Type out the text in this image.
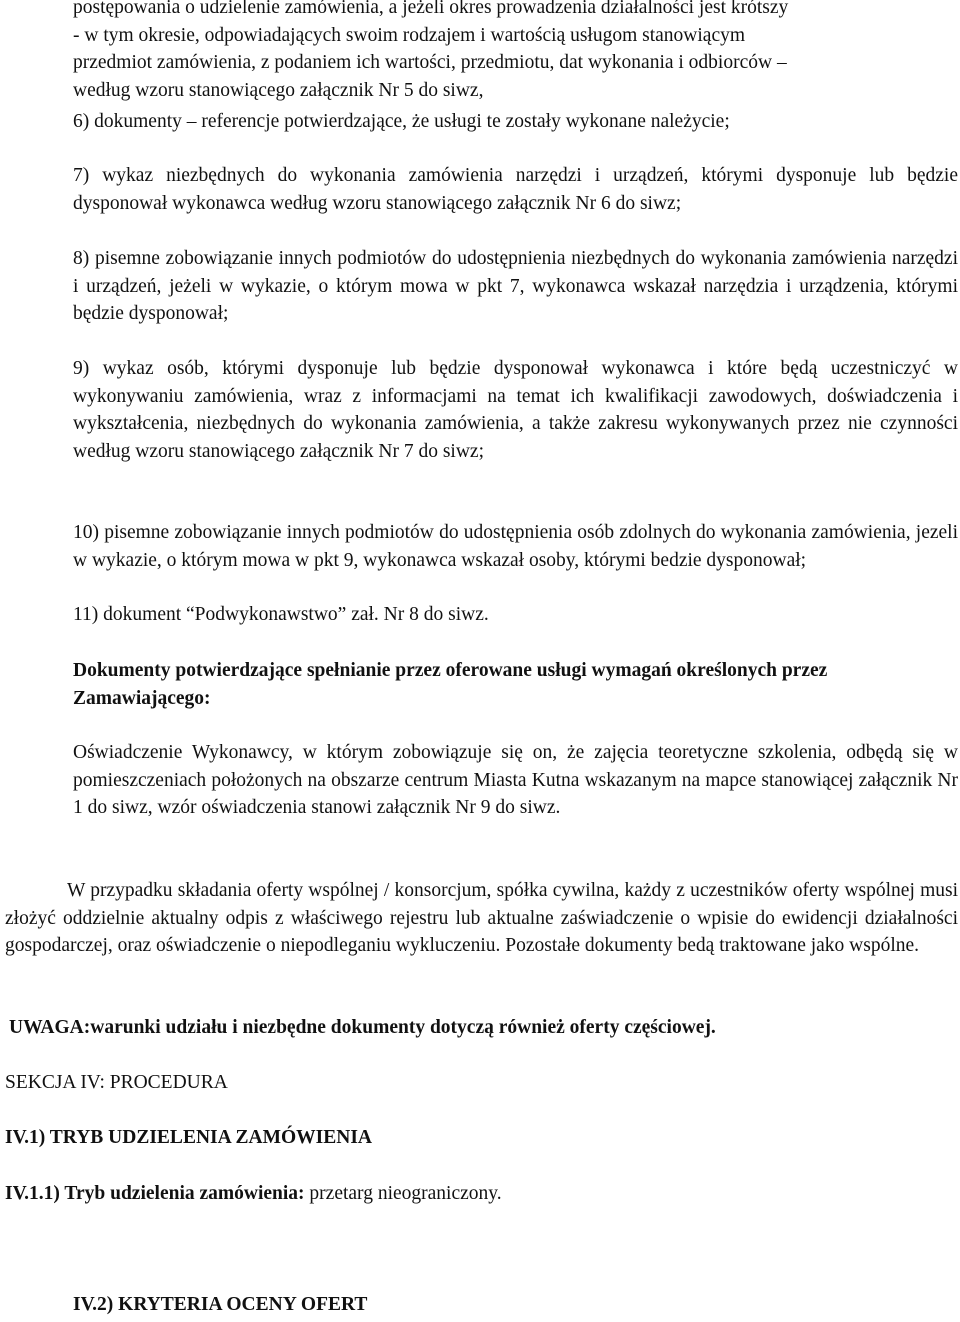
postępowania o udzielenie zamówienia, a jeżeli okres prowadzenia działalności jest krótszy
- w tym okresie, odpowiadających swoim rodzajem i wartością usługom stanowiącym
przedmiot zamówienia, z podaniem ich wartości, przedmiotu, dat wykonania i odbiorców –
według wzoru stanowiącego załącznik Nr 5 do siwz,

6) dokumenty – referencje potwierdzające, że usługi te zostały wykonane należycie;

7) wykaz niezbędnych do wykonania zamówienia narzędzi i urządzeń, którymi dysponuje lub będzie dysponował wykonawca według wzoru stanowiącego załącznik Nr 6 do siwz;

8) pisemne zobowiązanie innych podmiotów do udostępnienia niezbędnych do wykonania zamówienia narzędzi i urządzeń, jeżeli w wykazie, o którym mowa w pkt 7, wykonawca wskazał narzędzia i urządzenia, którymi będzie dysponował;

9) wykaz osób, którymi dysponuje lub będzie dysponował wykonawca i które będą uczestniczyć w wykonywaniu zamówienia, wraz z informacjami na temat ich kwalifikacji zawodowych, doświadczenia i wykształcenia, niezbędnych do wykonania zamówienia, a także zakresu wykonywanych przez nie czynności według wzoru stanowiącego załącznik Nr 7 do siwz;

10) pisemne zobowiązanie innych podmiotów do udostępnienia osób zdolnych do wykonania zamówienia, jezeli w wykazie, o którym mowa w pkt 9, wykonawca wskazał osoby, którymi bedzie dysponował;

11) dokument “Podwykonawstwo” zał. Nr 8 do siwz.

Dokumenty potwierdzające spełnianie przez oferowane usługi wymagań określonych przez Zamawiającego:

Oświadczenie Wykonawcy, w którym zobowiązuje się on, że zajęcia teoretyczne szkolenia, odbędą się w pomieszczeniach położonych na obszarze centrum Miasta Kutna wskazanym na mapce stanowiącej załącznik Nr 1 do siwz, wzór oświadczenia stanowi załącznik Nr 9 do siwz.

W przypadku składania oferty wspólnej / konsorcjum, spółka cywilna, każdy z uczestników oferty wspólnej musi złożyć oddzielnie aktualny odpis z właściwego rejestru lub aktualne zaświadczenie o wpisie do ewidencji działalności gospodarczej, oraz oświadczenie o niepodleganiu wykluczeniu. Pozostałe dokumenty bedą traktowane jako wspólne.

UWAGA:warunki udziału i niezbędne dokumenty dotyczą również oferty częściowej.

SEKCJA IV: PROCEDURA

IV.1) TRYB UDZIELENIA ZAMÓWIENIA

IV.1.1) Tryb udzielenia zamówienia: przetarg nieograniczony.

IV.2) KRYTERIA OCENY OFERT
